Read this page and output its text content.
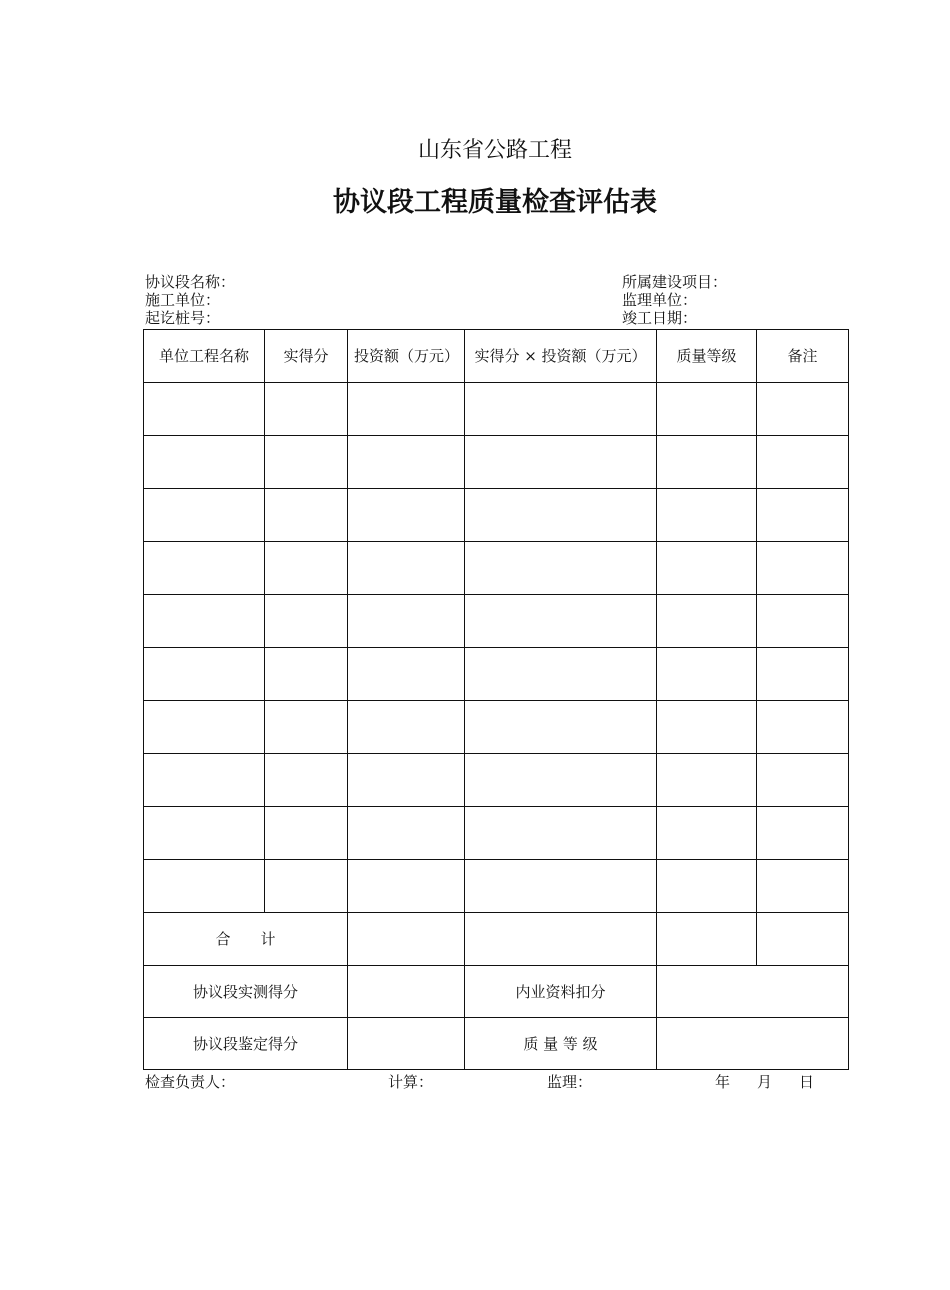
山东省公路工程
协议段工程质量检查评估表
协议段名称：
施工单位：
起讫桩号：
所属建设项目：
监理单位：
竣工日期：
单位工程名称	实得分	投资额（万元）	实得分 × 投资额（万元）	质量等级	备注

合　　计					
协议段实测得分			内业资料扣分		
协议段鉴定得分			质 量 等 级		
检查负责人：	计算：	监理：	年 月 日
